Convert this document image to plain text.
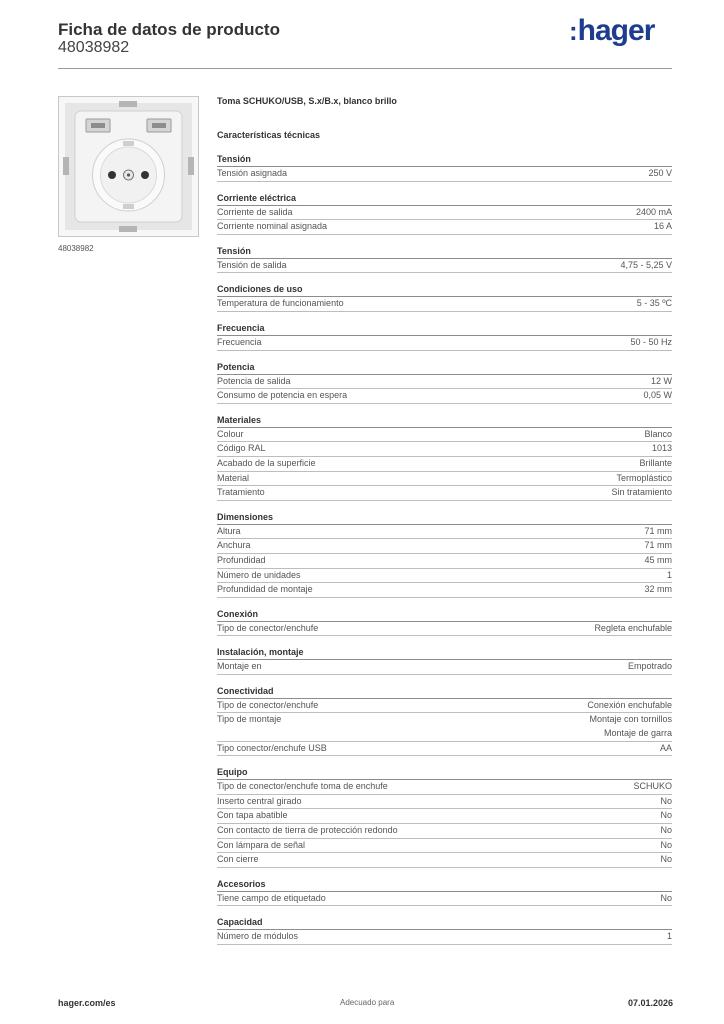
Ficha de datos de producto
48038982
:hager
48038982
Toma SCHUKO/USB, S.x/B.x, blanco brillo
Características técnicas
Tensión
Tensión asignada	250 V
Corriente eléctrica
Corriente de salida	2400 mA
Corriente nominal asignada	16 A
Tensión
Tensión de salida	4,75 - 5,25 V
Condiciones de uso
Temperatura de funcionamiento	5 - 35 ºC
Frecuencia
Frecuencia	50 - 50 Hz
Potencia
Potencia de salida	12 W
Consumo de potencia en espera	0,05 W
Materiales
Colour	Blanco
Código RAL	1013
Acabado de la superficie	Brillante
Material	Termoplástico
Tratamiento	Sin tratamiento
Dimensiones
Altura	71 mm
Anchura	71 mm
Profundidad	45 mm
Número de unidades	1
Profundidad de montaje	32 mm
Conexión
Tipo de conector/enchufe	Regleta enchufable
Instalación, montaje
Montaje en	Empotrado
Conectividad
Tipo de conector/enchufe	Conexión enchufable
Tipo de montaje	Montaje con tornillos
Montaje de garra
Tipo conector/enchufe USB	AA
Equipo
Tipo de conector/enchufe toma de enchufe	SCHUKO
Inserto central girado	No
Con tapa abatible	No
Con contacto de tierra de protección redondo	No
Con lámpara de señal	No
Con cierre	No
Accesorios
Tiene campo de etiquetado	No
Capacidad
Número de módulos	1
hager.com/es	Adecuado para	07.01.2026
